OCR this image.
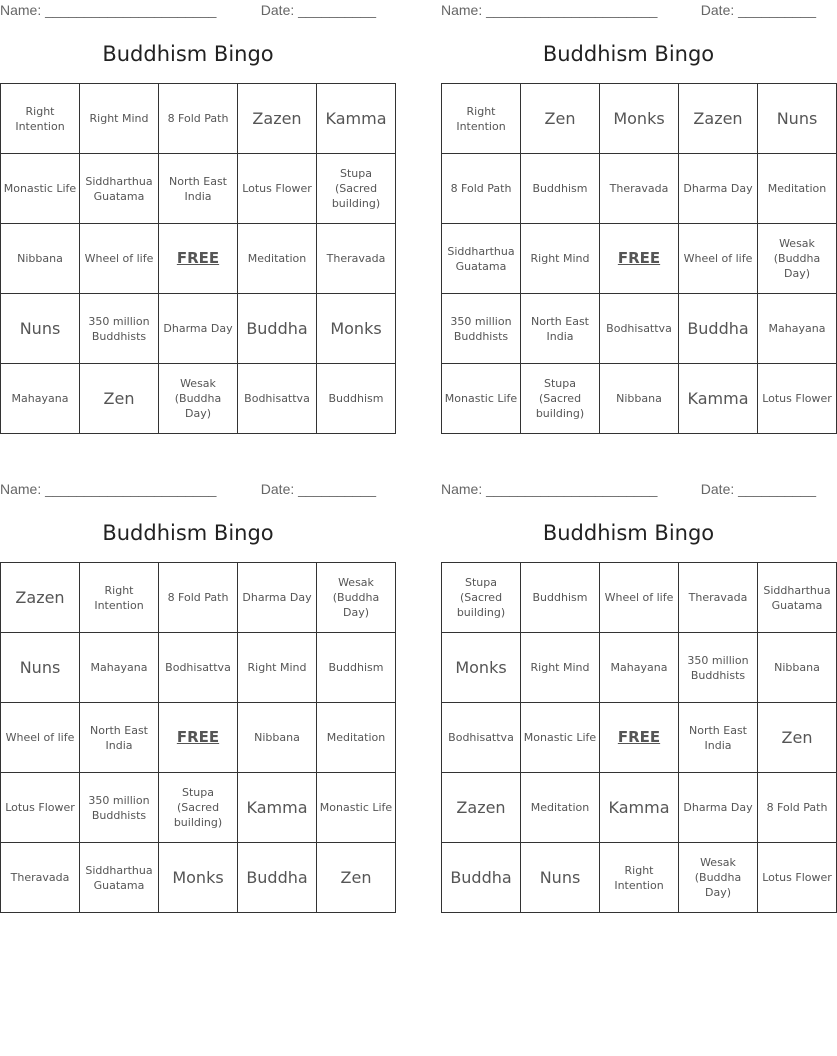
Name: ______________________	Date: __________
Buddhism Bingo
Right Intention	Right Mind	8 Fold Path	Zazen	Kamma
Monastic Life	Siddharthua Guatama	North East India	Lotus Flower	Stupa (Sacred building)
Nibbana	Wheel of life	FREE	Meditation	Theravada
Nuns	350 million Buddhists	Dharma Day	Buddha	Monks
Mahayana	Zen	Wesak (Buddha Day)	Bodhisattva	Buddhism
Name: ______________________	Date: __________
Buddhism Bingo
Right Intention	Zen	Monks	Zazen	Nuns
8 Fold Path	Buddhism	Theravada	Dharma Day	Meditation
Siddharthua Guatama	Right Mind	FREE	Wheel of life	Wesak (Buddha Day)
350 million Buddhists	North East India	Bodhisattva	Buddha	Mahayana
Monastic Life	Stupa (Sacred building)	Nibbana	Kamma	Lotus Flower
Name: ______________________	Date: __________
Buddhism Bingo
Zazen	Right Intention	8 Fold Path	Dharma Day	Wesak (Buddha Day)
Nuns	Mahayana	Bodhisattva	Right Mind	Buddhism
Wheel of life	North East India	FREE	Nibbana	Meditation
Lotus Flower	350 million Buddhists	Stupa (Sacred building)	Kamma	Monastic Life
Theravada	Siddharthua Guatama	Monks	Buddha	Zen
Name: ______________________	Date: __________
Buddhism Bingo
Stupa (Sacred building)	Buddhism	Wheel of life	Theravada	Siddharthua Guatama
Monks	Right Mind	Mahayana	350 million Buddhists	Nibbana
Bodhisattva	Monastic Life	FREE	North East India	Zen
Zazen	Meditation	Kamma	Dharma Day	8 Fold Path
Buddha	Nuns	Right Intention	Wesak (Buddha Day)	Lotus Flower
